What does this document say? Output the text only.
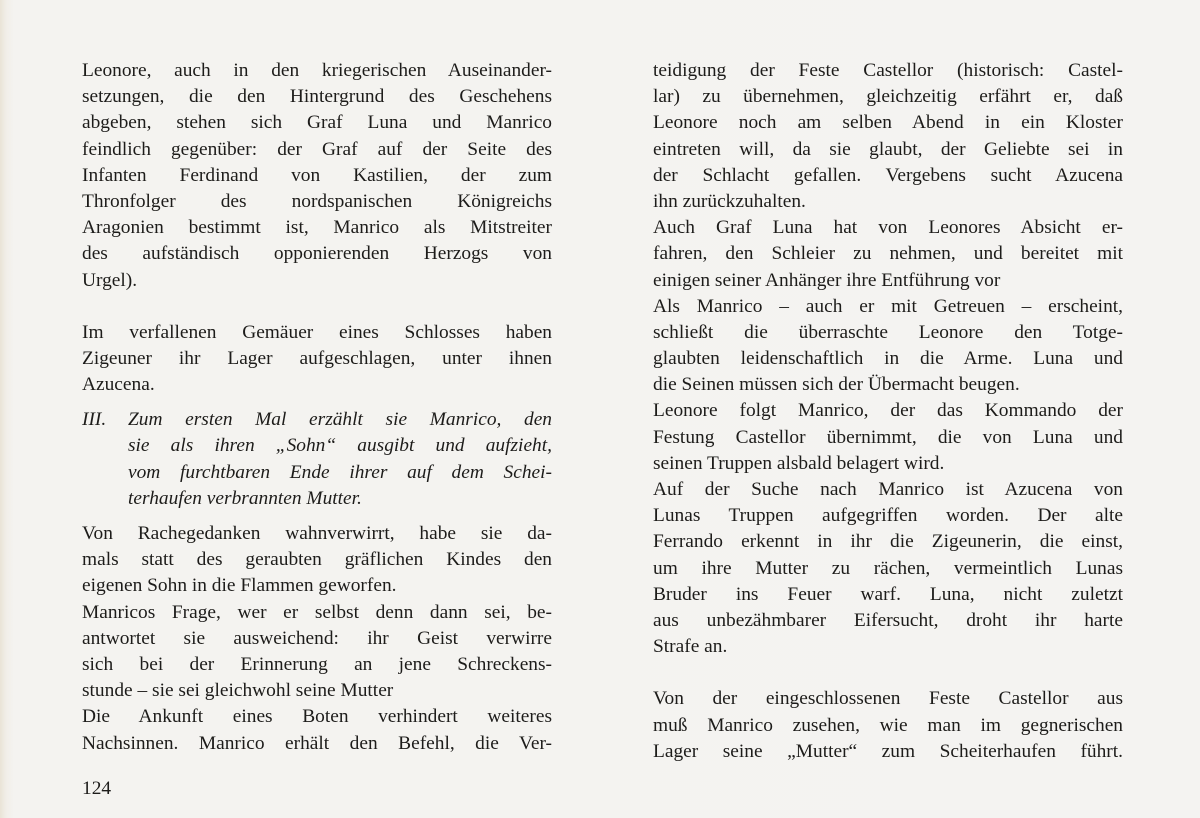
Leonore, auch in den kriegerischen Auseinander-
setzungen, die den Hintergrund des Geschehens
abgeben, stehen sich Graf Luna und Manrico
feindlich gegenüber: der Graf auf der Seite des
Infanten Ferdinand von Kastilien, der zum
Thronfolger des nordspanischen Königreichs
Aragonien bestimmt ist, Manrico als Mitstreiter
des aufständisch opponierenden Herzogs von
Urgel).
Im verfallenen Gemäuer eines Schlosses haben
Zigeuner ihr Lager aufgeschlagen, unter ihnen
Azucena.
III.	Zum ersten Mal erzählt sie Manrico, den
sie als ihren „Sohn“ ausgibt und aufzieht,
vom furchtbaren Ende ihrer auf dem Schei-
terhaufen verbrannten Mutter.
Von Rachegedanken wahnverwirrt, habe sie da-
mals statt des geraubten gräflichen Kindes den
eigenen Sohn in die Flammen geworfen.
Manricos Frage, wer er selbst denn dann sei, be-
antwortet sie ausweichend: ihr Geist verwirre
sich bei der Erinnerung an jene Schreckens-
stunde – sie sei gleichwohl seine Mutter
Die Ankunft eines Boten verhindert weiteres
Nachsinnen. Manrico erhält den Befehl, die Ver-
teidigung der Feste Castellor (historisch: Castel-
lar) zu übernehmen, gleichzeitig erfährt er, daß
Leonore noch am selben Abend in ein Kloster
eintreten will, da sie glaubt, der Geliebte sei in
der Schlacht gefallen. Vergebens sucht Azucena
ihn zurückzuhalten.
Auch Graf Luna hat von Leonores Absicht er-
fahren, den Schleier zu nehmen, und bereitet mit
einigen seiner Anhänger ihre Entführung vor
Als Manrico – auch er mit Getreuen – erscheint,
schließt die überraschte Leonore den Totge-
glaubten leidenschaftlich in die Arme. Luna und
die Seinen müssen sich der Übermacht beugen.
Leonore folgt Manrico, der das Kommando der
Festung Castellor übernimmt, die von Luna und
seinen Truppen alsbald belagert wird.
Auf der Suche nach Manrico ist Azucena von
Lunas Truppen aufgegriffen worden. Der alte
Ferrando erkennt in ihr die Zigeunerin, die einst,
um ihre Mutter zu rächen, vermeintlich Lunas
Bruder ins Feuer warf. Luna, nicht zuletzt
aus unbezähmbarer Eifersucht, droht ihr harte
Strafe an.
Von der eingeschlossenen Feste Castellor aus
muß Manrico zusehen, wie man im gegnerischen
Lager seine „Mutter“ zum Scheiterhaufen führt.
124
